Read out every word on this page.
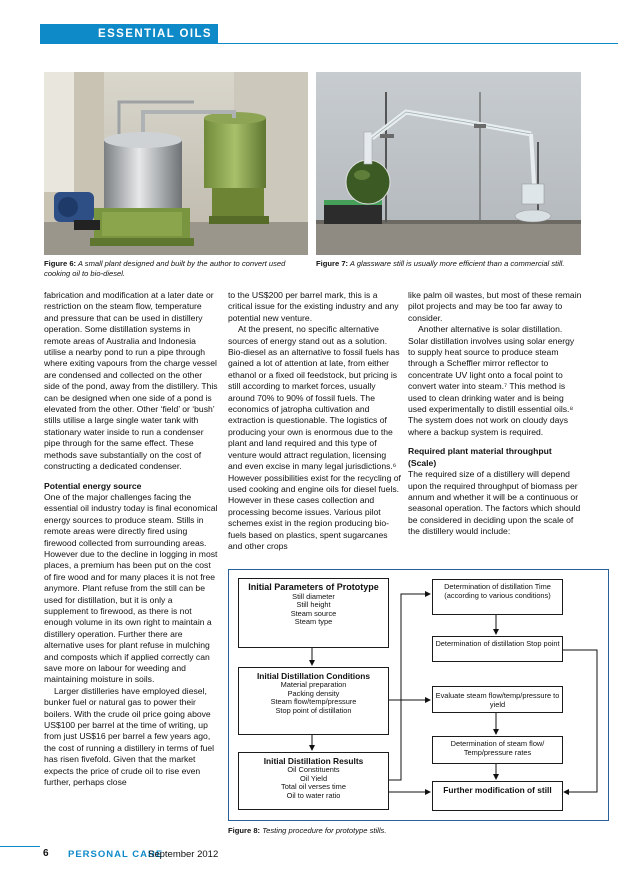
ESSENTIAL OILS
Figure 6: A small plant designed and built by the author to convert used cooking oil to bio-diesel.
Figure 7: A glassware still is usually more efficient than a commercial still.

fabrication and modification at a later date or restriction on the steam flow, temperature and pressure that can be used in distillery operation. Some distillation systems in remote areas of Australia and Indonesia utilise a nearby pond to run a pipe through where exiting vapours from the charge vessel are condensed and collected on the other side of the pond, away from the distillery. This can be designed when one side of a pond is elevated from the other. Other ‘field’ or ‘bush’ stills utilise a large single water tank with stationary water inside to run a condenser pipe through for the same effect. These methods save substantially on the cost of constructing a dedicated condenser.

Potential energy source

One of the major challenges facing the essential oil industry today is final economical energy sources to produce steam. Stills in remote areas were directly fired using firewood collected from surrounding areas. However due to the decline in logging in most places, a premium has been put on the cost of fire wood and for many places it is not free anymore. Plant refuse from the still can be used for distillation, but it is only a supplement to firewood, as there is not enough volume in its own right to maintain a distillery operation. Further there are alternative uses for plant refuse in mulching and composts which if applied correctly can save more on labour for weeding and maintaining moisture in soils.

Larger distilleries have employed diesel, bunker fuel or natural gas to power their boilers. With the crude oil price going above US$100 per barrel at the time of writing, up from just US$16 per barrel a few years ago, the cost of running a distillery in terms of fuel has risen fivefold. Given that the market expects the price of crude oil to rise even further, perhaps close

to the US$200 per barrel mark, this is a critical issue for the existing industry and any potential new venture.

At the present, no specific alternative sources of energy stand out as a solution. Bio-diesel as an alternative to fossil fuels has gained a lot of attention at late, from either ethanol or a fixed oil feedstock, but pricing is still according to market forces, usually around 70% to 90% of fossil fuels. The economics of jatropha cultivation and extraction is questionable. The logistics of producing your own is enormous due to the plant and land required and this type of venture would attract regulation, licensing and even excise in many legal jurisdictions.⁶ However possibilities exist for the recycling of used cooking and engine oils for diesel fuels. However in these cases collection and processing become issues. Various pilot schemes exist in the region producing bio-fuels based on plastics, spent sugarcanes and other crops

like palm oil wastes, but most of these remain pilot projects and may be too far away to consider.

Another alternative is solar distillation. Solar distillation involves using solar energy to supply heat source to produce steam through a Scheffler mirror reflector to concentrate UV light onto a focal point to convert water into steam.⁷ This method is used to clean drinking water and is being used experimentally to distill essential oils.⁸ The system does not work on cloudy days where a backup system is required.

Required plant material throughput (Scale)

The required size of a distillery will depend upon the required throughput of biomass per annum and whether it will be a continuous or seasonal operation. The factors which should be considered in deciding upon the scale of the distillery would include:

Initial Parameters of Prototype
Still diameter
Still height
Steam source
Steam type
Initial Distillation Conditions
Material preparation
Packing density
Steam flow/temp/pressure
Stop point of distillation
Initial Distillation Results
Oil Constituents
Oil Yield
Total oil verses time
Oil to water ratio
Determination of distillation Time (according to various conditions)
Determination of distillation Stop point
Evaluate steam flow/temp/pressure to yield
Determination of steam flow/ Temp/pressure rates
Further modification of still
Figure 8: Testing procedure for prototype stills.
6 PERSONAL CARE
September 2012
